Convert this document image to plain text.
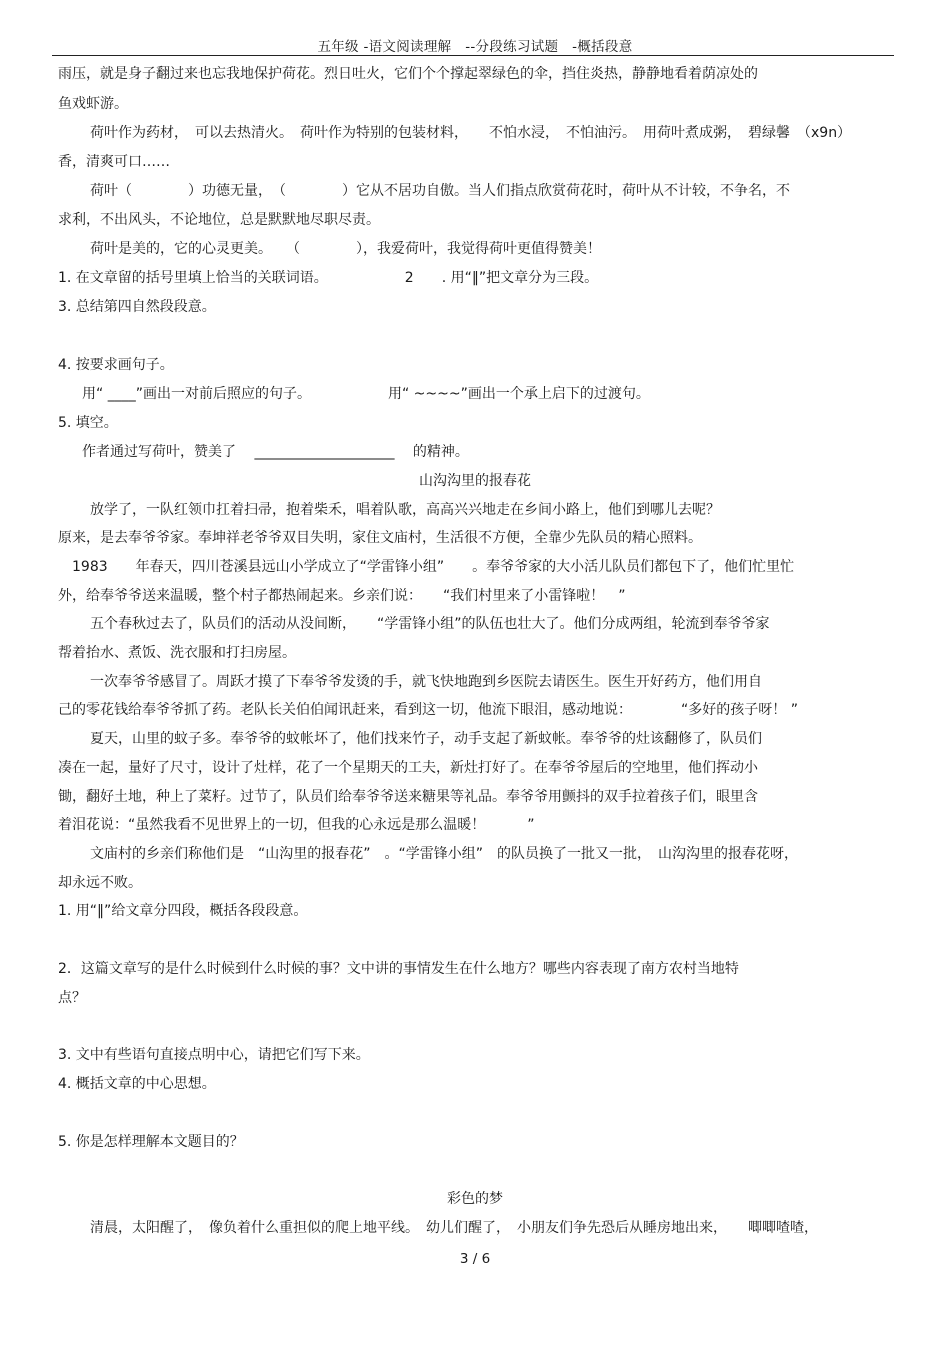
五年级 -语文阅读理解　--分段练习试题　-概括段意
雨压，就是身子翻过来也忘我地保护荷花。烈日吐火，它们个个撑起翠绿色的伞，挡住炎热，静静地看着荫凉处的
鱼戏虾游。
荷叶作为药材，　可以去热清火。　荷叶作为特别的包装材料，　　不怕水浸，　不怕油污。　用荷叶煮成粥，　碧绿馨　（x9n）
香，清爽可口……
荷叶（　　　　）功德无量，　（　　　　）它从不居功自傲。当人们指点欣赏荷花时，荷叶从不计较，不争名，不
求利，不出风头，不论地位，总是默默地尽职尽责。
荷叶是美的，它的心灵更美。　　（　　　　），我爱荷叶，我觉得荷叶更值得赞美！
1. 在文章留的括号里填上恰当的关联词语。　　　　　　2　　. 用“‖”把文章分为三段。
3. 总结第四自然段段意。
4. 按要求画句子。
用“ ____”画出一对前后照应的句子。　　　　　　用“ ~~~~”画出一个承上启下的过渡句。
5. 填空。
作者通过写荷叶，赞美了　 ____________________　 的精神。
山沟沟里的报春花
放学了，一队红领巾扛着扫帚，抱着柴禾，唱着队歌，高高兴兴地走在乡间小路上，他们到哪儿去呢？
原来，是去奉爷爷家。奉坤祥老爷爷双目失明，家住文庙村，生活很不方便，全靠少先队员的精心照料。
1983　　年春天，四川苍溪县远山小学成立了“学雷锋小组”　　。奉爷爷家的大小活儿队员们都包下了，他们忙里忙
外，给奉爷爷送来温暖，整个村子都热闹起来。乡亲们说：　　“我们村里来了小雷锋啦！　”
五个春秋过去了，队员们的活动从没间断，　　“学雷锋小组”的队伍也壮大了。他们分成两组，轮流到奉爷爷家
帮着抬水、煮饭、洗衣服和打扫房屋。
一次奉爷爷感冒了。周跃才摸了下奉爷爷发烫的手，就飞快地跑到乡医院去请医生。医生开好药方，他们用自
己的零花钱给奉爷爷抓了药。老队长关伯伯闻讯赶来，看到这一切，他流下眼泪，感动地说：　　　　“多好的孩子呀！ ”
夏天，山里的蚊子多。奉爷爷的蚊帐坏了，他们找来竹子，动手支起了新蚊帐。奉爷爷的灶该翻修了，队员们
凑在一起，量好了尺寸，设计了灶样，花了一个星期天的工夫，新灶打好了。在奉爷爷屋后的空地里，他们挥动小
锄，翻好土地，种上了菜籽。过节了，队员们给奉爷爷送来糖果等礼品。奉爷爷用颤抖的双手拉着孩子们，眼里含
着泪花说：“虽然我看不见世界上的一切，但我的心永远是那么温暖！　　　”
文庙村的乡亲们称他们是　“山沟里的报春花”　。“学雷锋小组”　的队员换了一批又一批，　山沟沟里的报春花呀，
却永远不败。
1. 用“‖”给文章分四段，概括各段段意。
2．这篇文章写的是什么时候到什么时候的事？文中讲的事情发生在什么地方？哪些内容表现了南方农村当地特
点？
3. 文中有些语句直接点明中心，请把它们写下来。
4. 概括文章的中心思想。
5. 你是怎样理解本文题目的？
彩色的梦
清晨，太阳醒了，　像负着什么重担似的爬上地平线。　幼儿们醒了，　小朋友们争先恐后从睡房地出来，　　唧唧喳喳，
3 / 6
